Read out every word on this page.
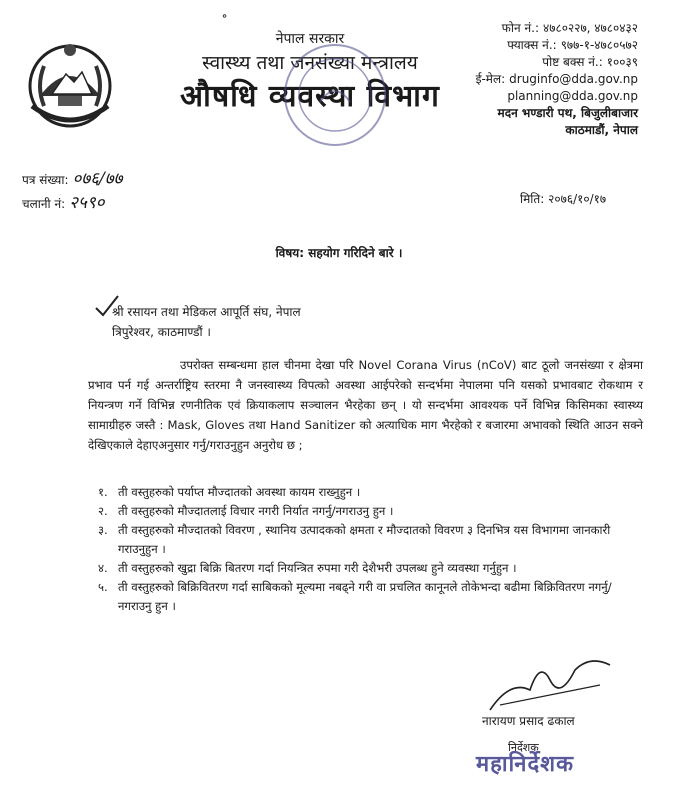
॰
नेपाल सरकार
स्वास्थ्य तथा जनसंख्या मन्त्रालय
औषधि व्यवस्था विभाग
फोन नं.: ४७८०२२७, ४७८०४३२
फ्याक्स नं.: ९७७-१-४७८०५७२
पोष्ट बक्स नं.: १००३९
ई-मेल: druginfo@dda.gov.np
planning@dda.gov.np
मदन भण्डारी पथ, बिजुलीबाजार
काठमाडौं, नेपाल
पत्र संख्या: ०७६/७७
चलानी नं: २५९०	मिति: २०७६/१०/१७
विषय: सहयोग गरिदिने बारे ।
श्री रसायन तथा मेडिकल आपूर्ति संघ, नेपाल
त्रिपुरेश्वर, काठमाण्डौं ।

उपरोक्त सम्बन्धमा हाल चीनमा देखा परि Novel Corana Virus (nCoV) बाट ठूलो जनसंख्या र क्षेत्रमा प्रभाव पर्न गई अन्तर्राष्ट्रिय स्तरमा नै जनस्वास्थ्य विपत्को अवस्था आईपरेको सन्दर्भमा नेपालमा पनि यसको प्रभावबाट रोकथाम र नियन्त्रण गर्ने विभिन्न रणनीतिक एवं क्रियाकलाप सञ्चालन भैरहेका छन् । यो सन्दर्भमा आवश्यक पर्ने विभिन्न किसिमका स्वास्थ्य सामाग्रीहरु जस्तै : Mask, Gloves तथा Hand Sanitizer को अत्याधिक माग भैरहेको र बजारमा अभावको स्थिति आउन सक्ने देखिएकाले देहाएअनुसार गर्नु/गराउनुहुन अनुरोध छ ;

१. ती वस्तुहरुको पर्याप्त मौज्दातको अवस्था कायम राख्नुहुन ।
२. ती वस्तुहरुको मौज्दातलाई विचार नगरी निर्यात नगर्नु/नगराउनु हुन ।
३. ती वस्तुहरुको मौज्दातको विवरण , स्थानिय उत्पादकको क्षमता र मौज्दातको विवरण ३ दिनभित्र यस विभागमा जानकारी गराउनुहुन ।
४. ती वस्तुहरुको खुद्रा बिक्रि बितरण गर्दा नियन्त्रित रुपमा गरी देशैभरी उपलब्ध हुने व्यवस्था गर्नुहुन ।
५. ती वस्तुहरुको बिक्रिवितरण गर्दा साबिकको मूल्यमा नबढ्ने गरी वा प्रचलित कानूनले तोकेभन्दा बढीमा बिक्रिवितरण नगर्नु/नगराउनु हुन ।
नारायण प्रसाद ढकाल
निर्देशक
महानिर्देशक
